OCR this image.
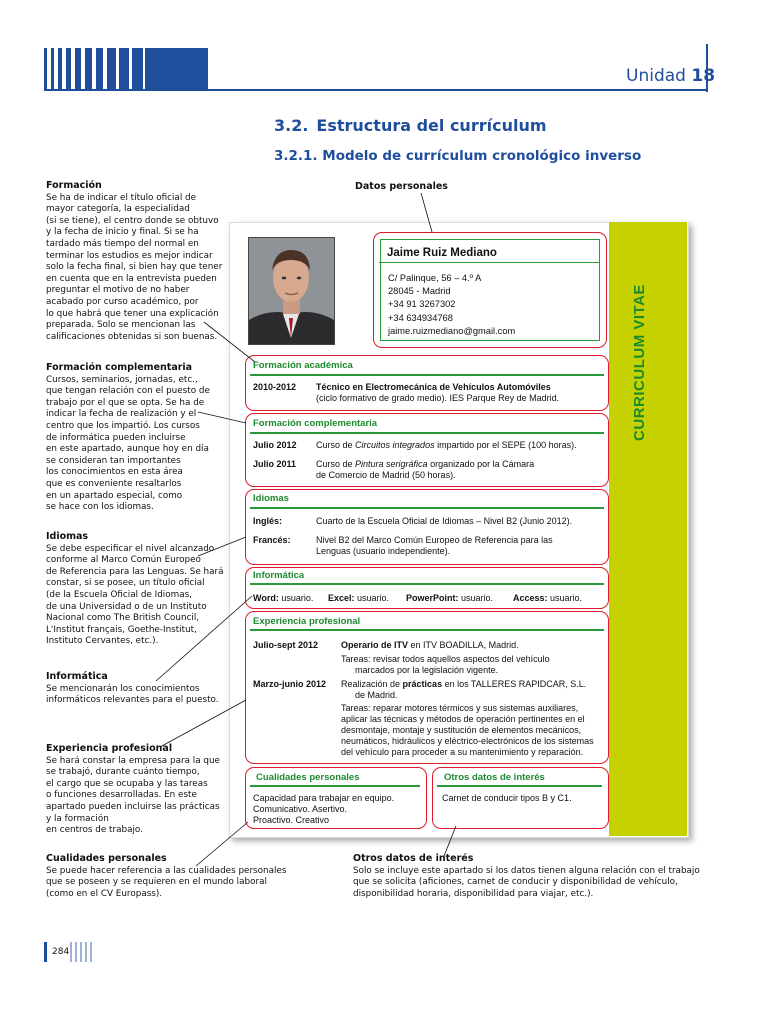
Unidad 18
3.2. Estructura del currículum
3.2.1. Modelo de currículum cronológico inverso
Formación
Se ha de indicar el título oficial de
mayor categoría, la especialidad
(si se tiene), el centro donde se obtuvo
y la fecha de inicio y final. Si se ha
tardado más tiempo del normal en
terminar los estudios es mejor indicar
solo la fecha final, si bien hay que tener
en cuenta que en la entrevista pueden
preguntar el motivo de no haber
acabado por curso académico, por
lo que habrá que tener una explicación
preparada. Solo se mencionan las
calificaciones obtenidas si son buenas.
Formación complementaria
Cursos, seminarios, jornadas, etc.,
que tengan relación con el puesto de
trabajo por el que se opta. Se ha de
indicar la fecha de realización y el
centro que los impartió. Los cursos
de informática pueden incluirse
en este apartado, aunque hoy en día
se consideran tan importantes
los conocimientos en esta área
que es conveniente resaltarlos
en un apartado especial, como
se hace con los idiomas.
Idiomas
Se debe especificar el nivel alcanzado
conforme al Marco Común Europeo
de Referencia para las Lenguas. Se hará
constar, si se posee, un título oficial
(de la Escuela Oficial de Idiomas,
de una Universidad o de un Instituto
Nacional como The British Council,
L'Institut français, Goethe-Institut,
Instituto Cervantes, etc.).
Informática
Se mencionarán los conocimientos
informáticos relevantes para el puesto.
Experiencia profesional
Se hará constar la empresa para la que
se trabajó, durante cuánto tiempo,
el cargo que se ocupaba y las tareas
o funciones desarrolladas. En este
apartado pueden incluirse las prácticas
y la formación
en centros de trabajo.
Cualidades personales
Se puede hacer referencia a las cualidades personales
que se poseen y se requieren en el mundo laboral
(como en el CV Europass).
Otros datos de interés
Solo se incluye este apartado si los datos tienen alguna relación con el trabajo
que se solicita (aficiones, carnet de conducir y disponibilidad de vehículo,
disponibilidad horaria, disponibilidad para viajar, etc.).
Datos personales
CURRICULUM VITAE
Jaime Ruiz Mediano
C/ Palinque, 56 – 4.º A
28045 - Madrid
+34 91 3267302
+34 634934768
jaime.ruizmediano@gmail.com
Formación académica
2010-2012 Técnico en Electromecánica de Vehículos Automóviles
(ciclo formativo de grado medio). IES Parque Rey de Madrid.
Formación complementaria
Julio 2012 Curso de Circuitos integrados impartido por el SEPE (100 horas).
Julio 2011 Curso de Pintura serigráfica organizado por la Cámara
de Comercio de Madrid (50 horas).
Idiomas
Inglés:	Cuarto de la Escuela Oficial de Idiomas – Nivel B2 (Junio 2012).
Francés:	Nivel B2 del Marco Común Europeo de Referencia para las
Lenguas (usuario independiente).
Informática
Word: usuario. Excel: usuario. PowerPoint: usuario. Access: usuario.
Experiencia profesional
Julio-sept 2012	Operario de ITV en ITV BOADILLA, Madrid.
Tareas: revisar todos aquellos aspectos del vehículo
marcados por la legislación vigente.
Marzo-junio 2012 Realización de prácticas en los TALLERES RAPIDCAR, S.L.
de Madrid.
Tareas: reparar motores térmicos y sus sistemas auxiliares,
aplicar las técnicas y métodos de operación pertinentes en el
desmontaje, montaje y sustitución de elementos mecánicos,
neumáticos, hidráulicos y eléctrico-electrónicos de los sistemas
del vehículo para proceder a su mantenimiento y reparación.
Cualidades personales
Capacidad para trabajar en equipo.
Comunicativo. Asertivo.
Proactivo. Creativo
Otros datos de interés
Carnet de conducir tipos B y C1.
284
